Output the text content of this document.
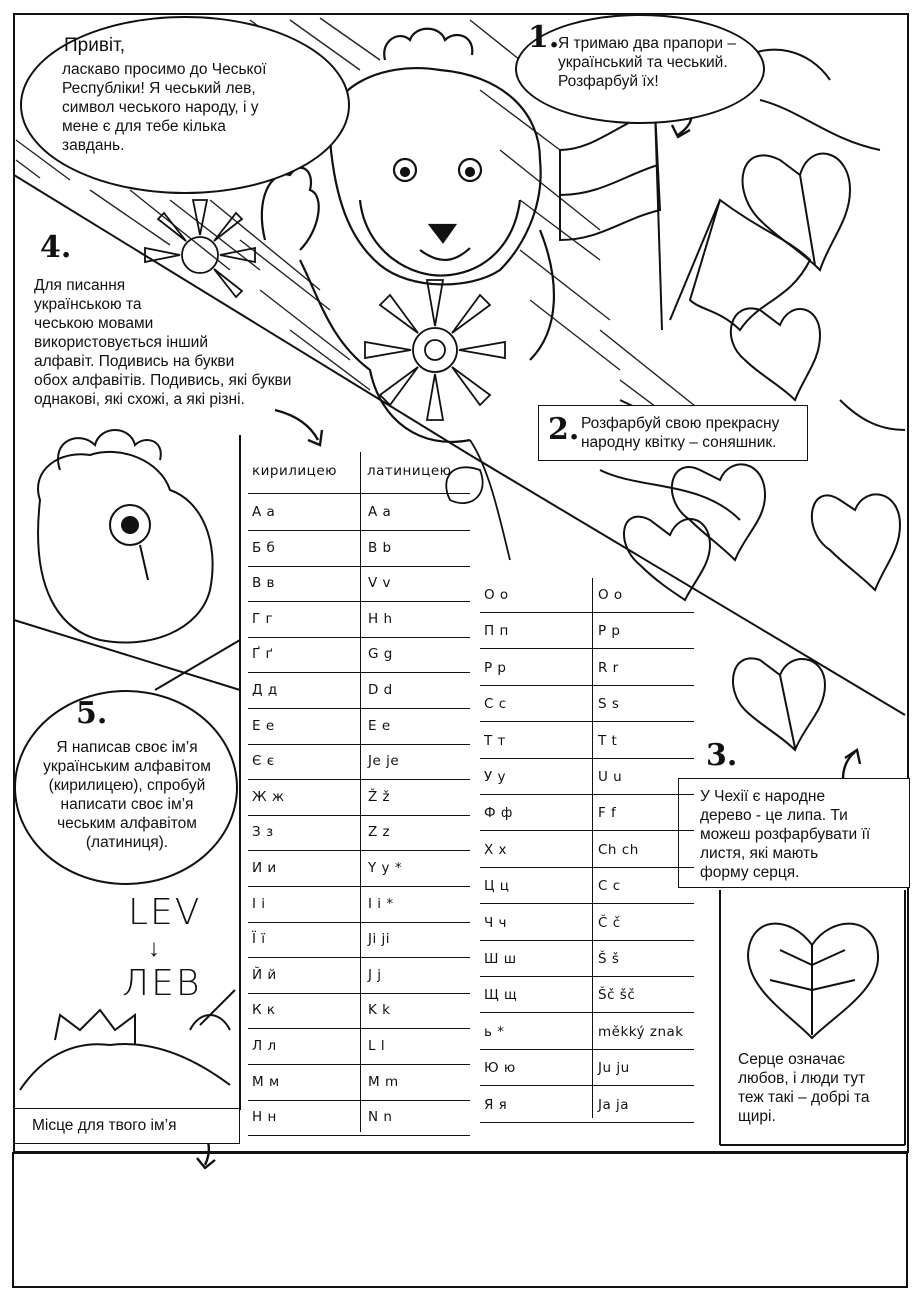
Привіт,
ласкаво просимо до Чеської
Республіки! Я чеський лев,
символ чеського народу, і у
мене є для тебе кілька
завдань.
1.
Я тримаю два прапори –
український та чеський.
Розфарбуй їх!
2. Розфарбуй свою прекрасну
народну квітку – соняшник.
4.
Для писання
українською та
чеською мовами
використовується інший
алфавіт. Подивись на букви
обох алфавітів. Подивись, які букви
однакові, які схожі, а які різні.
3.
У Чехії є народне
дерево - це липа. Ти
можеш розфарбувати її
листя, які мають
форму серця.
Серце означає
любов, і люди тут
теж такі – добрі та
щирі.
5.
Я написав своє ім’я
українським алфавітом
(кирилицею), спробуй
написати своє ім’я
чеським алфавітом
(латиниця).
LEV
↓
ЛЕВ
Місце для твого ім’я
кирилицею латиницею
А а	A a
Б б	B b
В в	V v
Г г	H h
Ґ ґ	G g
Д д	D d
Е е	E e
Є є	Je je
Ж ж	Ž ž
З з	Z z
И и	Y y *
І і	I i *
Ї ї	Ji ji
Й й	J j
К к	K k
Л л	L l
М м	M m
Н н	N n
О о	O o
П п	P p
Р р	R r
С с	S s
Т т	T t
У у	U u
Ф ф	F f
Х х	Ch ch
Ц ц	C c
Ч ч	Č č
Ш ш	Š š
Щ щ	Šč šč
ь *	měkký znak
Ю ю	Ju ju
Я я	Ja ja
